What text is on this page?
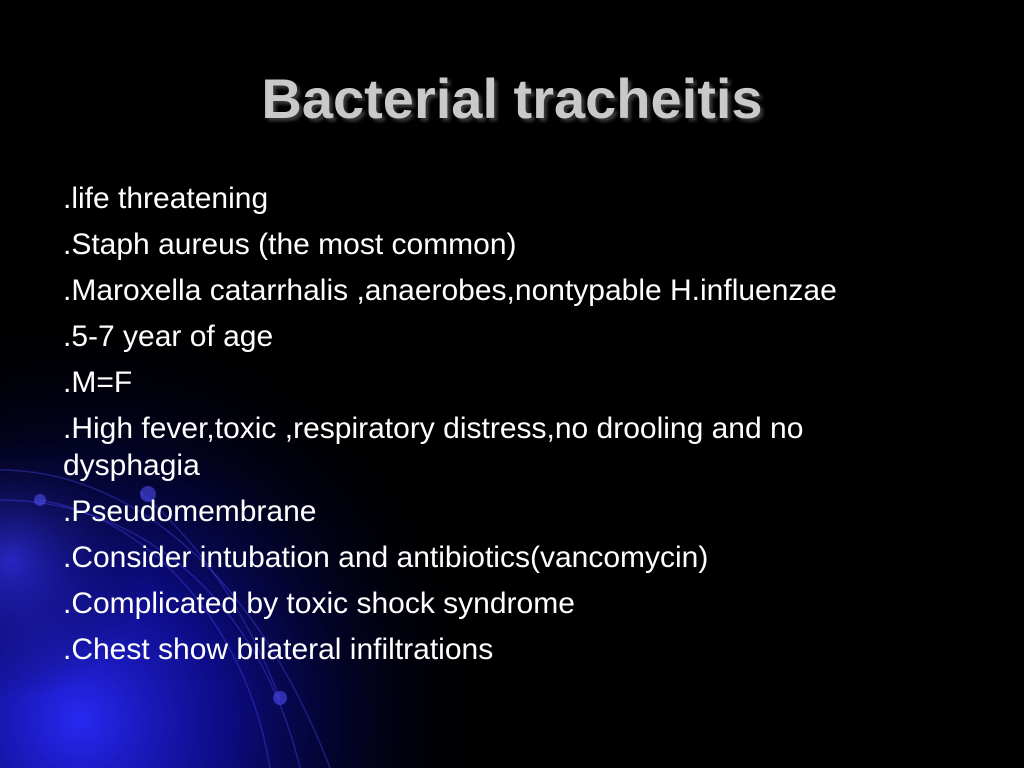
Bacterial tracheitis
.life threatening
.Staph aureus (the most common)
.Maroxella catarrhalis ,anaerobes,nontypable H.influenzae
.5-7 year of age
.M=F
.High fever,toxic ,respiratory distress,no drooling and no dysphagia
.Pseudomembrane
.Consider intubation and antibiotics(vancomycin)
.Complicated by toxic shock syndrome
.Chest show bilateral infiltrations
